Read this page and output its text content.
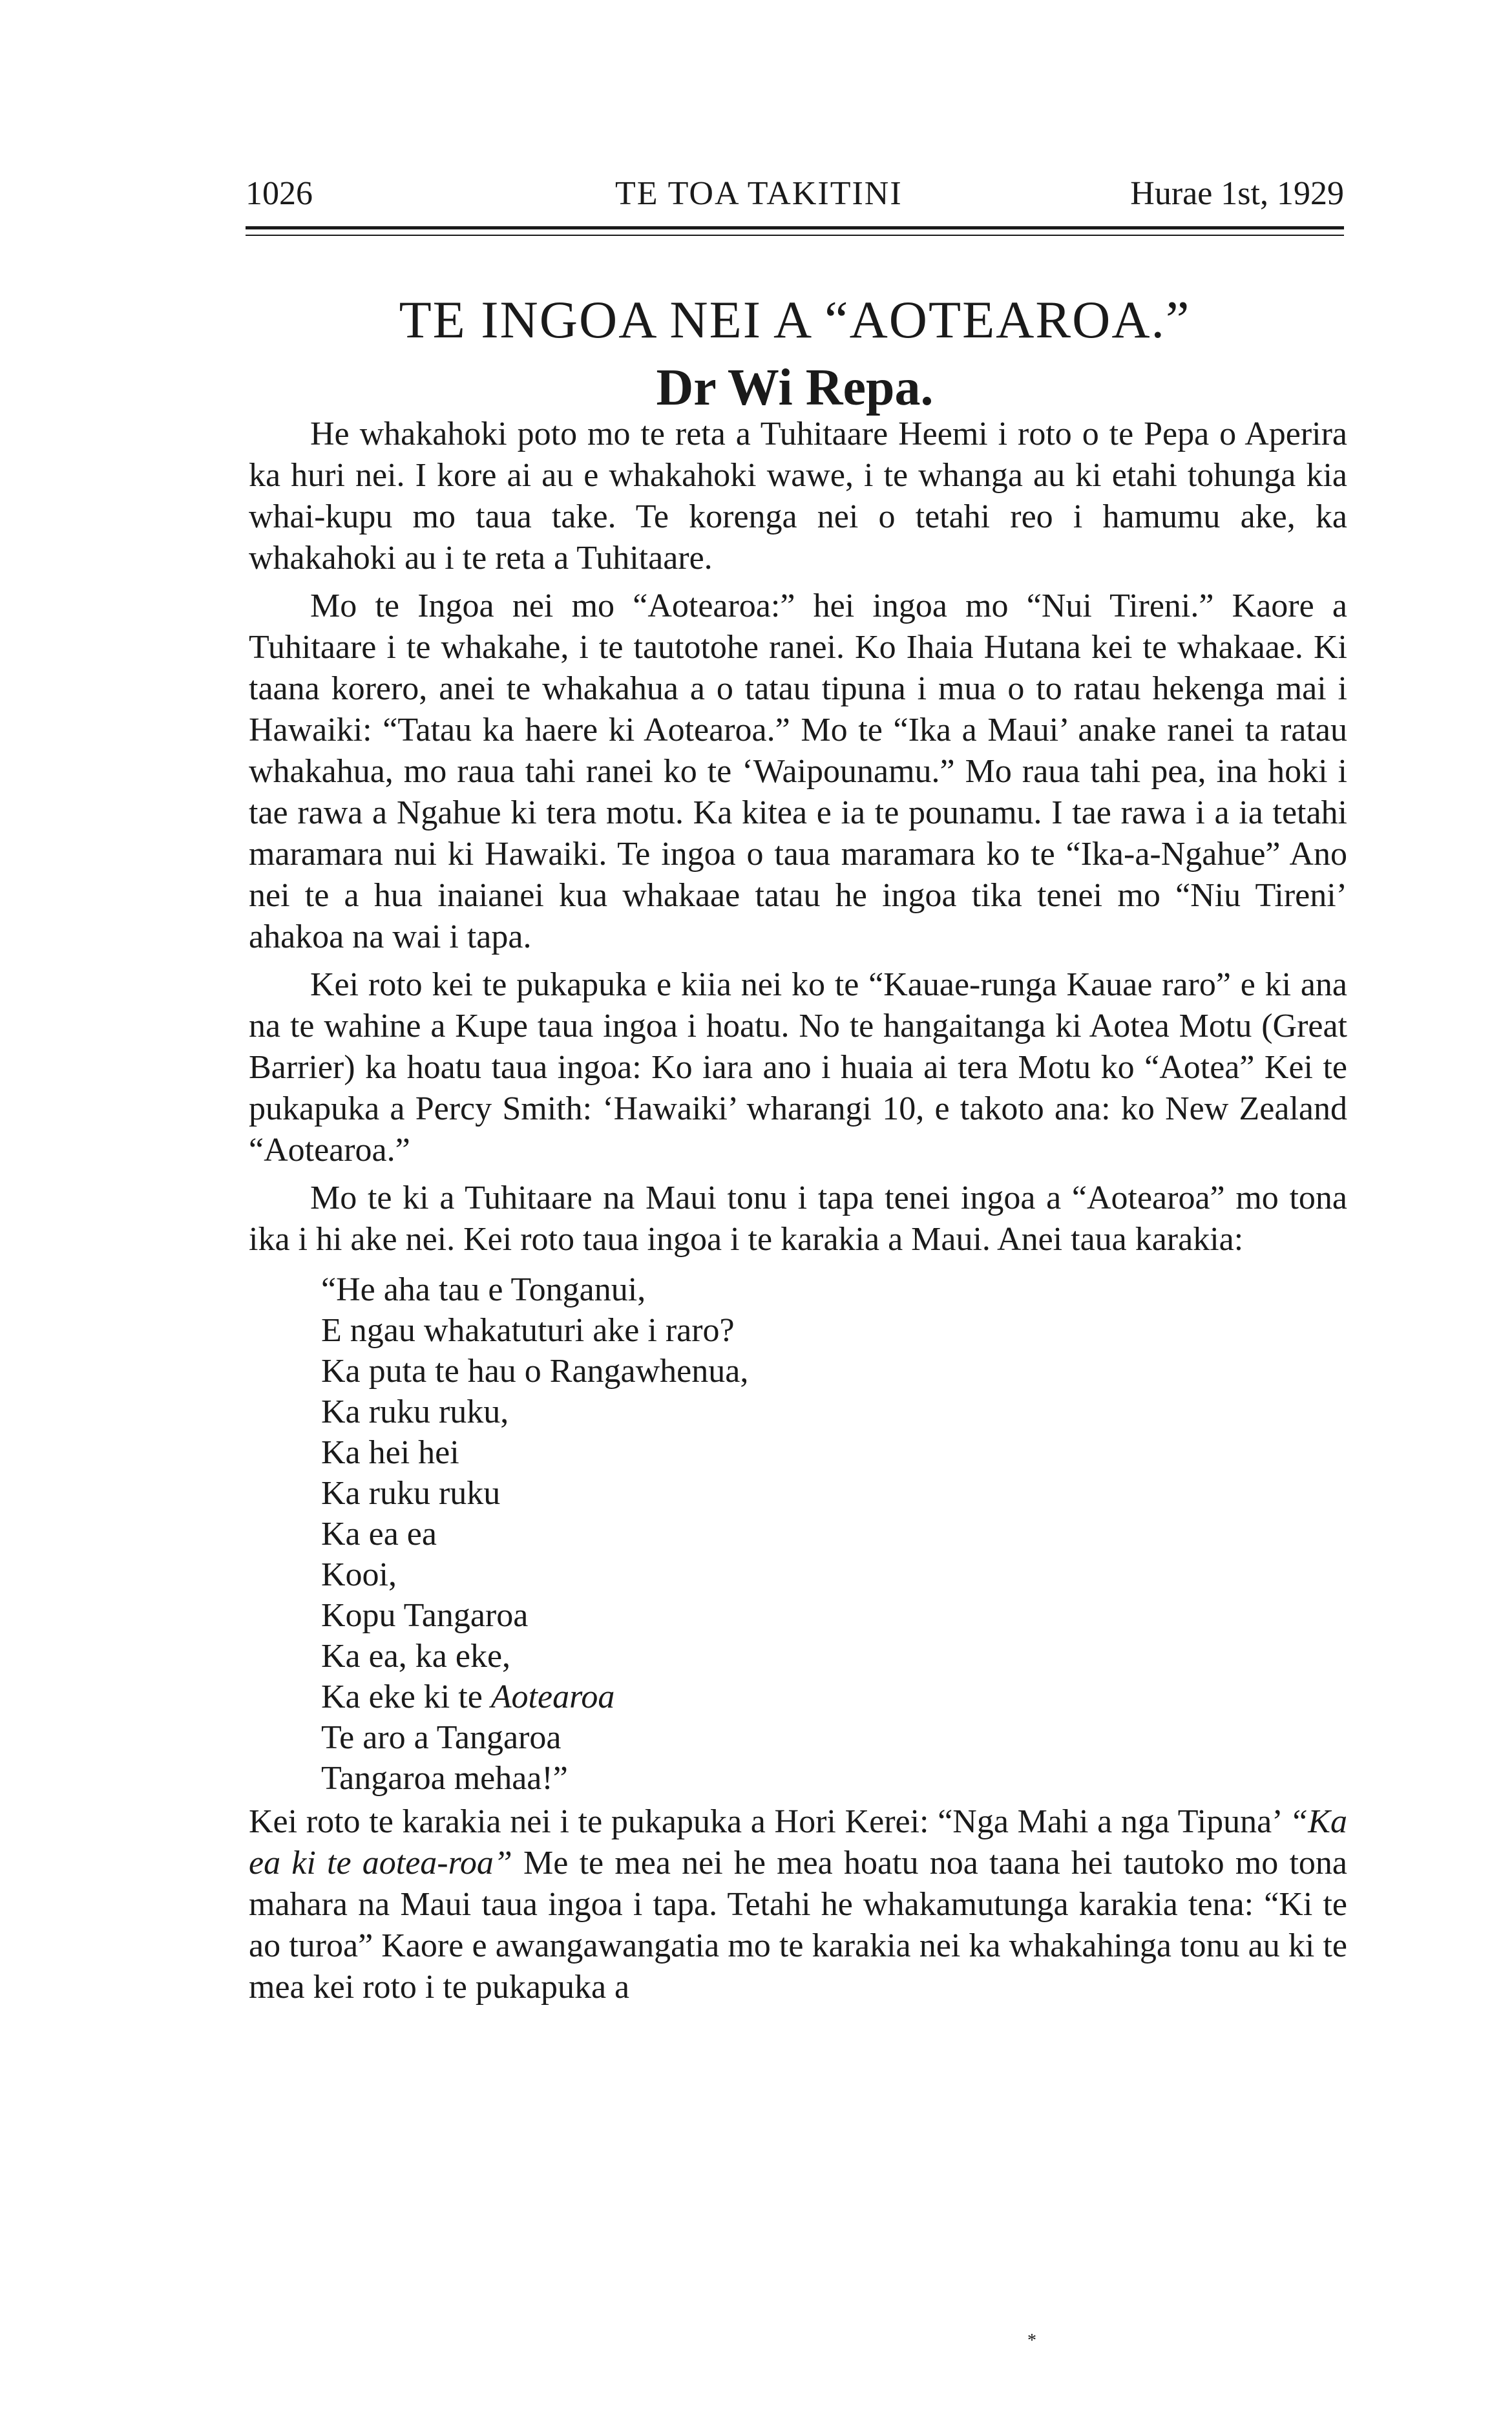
1026	TE TOA TAKITINI	Hurae 1st, 1929
TE INGOA NEI A “AOTEAROA.”
Dr Wi Repa.

He whakahoki poto mo te reta a Tuhitaare Heemi i roto o te Pepa o Aperira ka huri nei. I kore ai au e whakahoki wawe, i te whanga au ki etahi tohunga kia whai-kupu mo taua take. Te korenga nei o tetahi reo i hamumu ake, ka whakahoki au i te reta a Tuhitaare.

Mo te Ingoa nei mo “Aotearoa:” hei ingoa mo “Nui Tireni.” Kaore a Tuhitaare i te whakahe, i te tautotohe ranei. Ko Ihaia Hutana kei te whakaae. Ki taana korero, anei te whakahua a o tatau tipuna i mua o to ratau hekenga mai i Hawaiki: “Tatau ka haere ki Aotearoa.” Mo te “Ika a Maui’ anake ranei ta ratau whakahua, mo raua tahi ranei ko te ‘Waipounamu.” Mo raua tahi pea, ina hoki i tae rawa a Ngahue ki tera motu. Ka kitea e ia te pounamu. I tae rawa i a ia tetahi maramara nui ki Hawaiki. Te ingoa o taua maramara ko te “Ika-a-Ngahue” Ano nei te a hua inaianei kua whakaae tatau he ingoa tika tenei mo “Niu Tireni’ ahakoa na wai i tapa.

Kei roto kei te pukapuka e kiia nei ko te “Kauae-runga Kauae raro” e ki ana na te wahine a Kupe taua ingoa i hoatu. No te hangaitanga ki Aotea Motu (Great Barrier) ka hoatu taua ingoa: Ko iara ano i huaia ai tera Motu ko “Aotea” Kei te pukapuka a Percy Smith: ‘Hawaiki’ wharangi 10, e takoto ana: ko New Zealand “Aotearoa.”

Mo te ki a Tuhitaare na Maui tonu i tapa tenei ingoa a “Aotearoa” mo tona ika i hi ake nei. Kei roto taua ingoa i te karakia a Maui. Anei taua karakia:

“He aha tau e Tonganui,
E ngau whakatuturi ake i raro?
Ka puta te hau o Rangawhenua,
Ka ruku ruku,
Ka hei hei
Ka ruku ruku
Ka ea ea
Kooi,
Kopu Tangaroa
Ka ea, ka eke,
Ka eke ki te Aotearoa
Te aro a Tangaroa
Tangaroa mehaa!”

Kei roto te karakia nei i te pukapuka a Hori Kerei: “Nga Mahi a nga Tipuna’ “Ka ea ki te aotea-roa” Me te mea nei he mea hoatu noa taana hei tautoko mo tona mahara na Maui taua ingoa i tapa. Tetahi he whakamutunga karakia tena: “Ki te ao turoa” Kaore e awangawangatia mo te karakia nei ka whakahinga tonu au ki te mea kei roto i te pukapuka a

*
